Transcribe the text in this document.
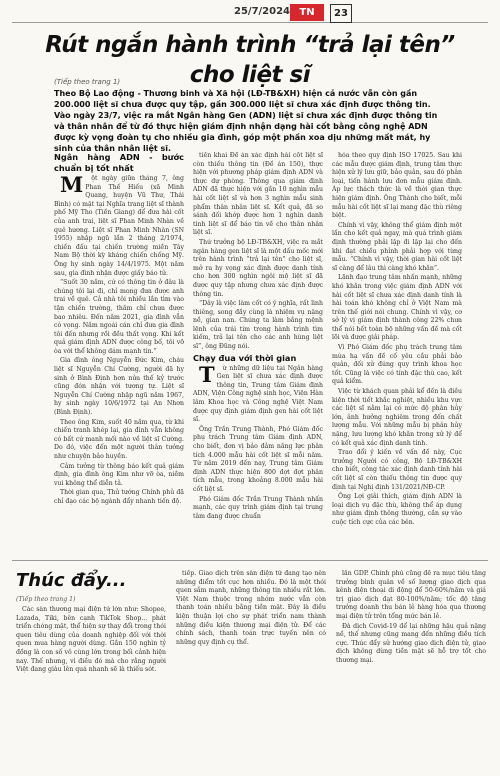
25/7/2024 TN	23
Rút ngắn hành trình “trả lại tên” cho liệt sĩ
(Tiếp theo trang 1)
Theo Bộ Lao động - Thương binh và Xã hội (LĐ-TB&XH) hiện cả nước vẫn còn gần 200.000 liệt sĩ chưa được quy tập, gần 300.000 liệt sĩ chưa xác định được thông tin. Vào ngày 23/7, việc ra mắt Ngân hàng Gen (ADN) liệt sĩ chưa xác định được thông tin và thân nhân để từ đó thực hiện giám định nhận dạng hài cốt bằng công nghệ ADN được kỳ vọng đoàn tụ cho nhiều gia đình, góp một phần xoa dịu những mất mát, hy sinh của thân nhân liệt sĩ.

Ngân hàng ADN - bước chuẩn bị tốt nhất

M ột ngày giữa tháng 7, ông Phan Thế Hiếu (xã Minh Quang, huyện Vũ Thư, Thái Bình) có mặt tại Nghĩa trang liệt sĩ thành phố Mỹ Tho (Tiền Giang) để đưa hài cốt của anh trai, liệt sĩ Phan Minh Nhàn về quê hương. Liệt sĩ Phan Minh Nhàn (SN 1955) nhập ngũ lần 2 tháng 2/1974, chiến đấu tại chiến trường miền Tây Nam Bộ thời kỳ kháng chiến chống Mỹ. Ông hy sinh ngày 14/4/1975. Một năm sau, gia đình nhận được giấy báo tử.

“Suốt 30 năm, cứ có thông tin ở đâu là chúng tôi lại đi, chỉ mong đưa được anh trai về quê. Cả nhà tôi nhiều lần tìm vào tận chiến trường, thăm chỉ chưa được bao nhiêu. Đến năm 2021, gia đình vẫn có vọng. Năm ngoái cán chỉ đưa gia đình tôi đến nhưng rồi đều thất vọng. Khi kết quả giám định ADN được công bố, tôi vỡ òa với thể không dám mạnh tin.”

Gia đình ông Nguyễn Đức Kim, cháu liệt sĩ Nguyễn Chí Cường, người đã hy sinh ở Bình Định hơn nửa thế kỷ trước cũng đón nhận với tương tự. Liệt sĩ Nguyễn Chí Cường nhập ngũ năm 1967, hy sinh ngày 10/6/1972 tại An Nhơn (Bình Định).

Theo ông Kim, suốt 40 năm qua, từ khi chiến tranh khép lại, gia đình vẫn không có bất cứ manh mối nào về liệt sĩ Cường. Do đó, việc đến một người thân tưởng như chuyện bảo huyền.

Cảm tưởng từ thông báo kết quả giám định, gia đình ông Kim như vỡ òa, niềm vui không thể diễn tả.

Thời gian qua, Thủ tướng Chính phủ đã chỉ đạo các bộ ngành đẩy nhanh tiến độ.

tiến khai Để án xác định hài cốt liệt sĩ còn thiếu thông tin (Đề án 150), thực hiện với phương pháp giám định ADN và thực dự phòng. Thông qua giám định ADN đã thực hiện với gần 10 nghìn mẫu hài cốt liệt sĩ và hơn 3 nghìn mẫu sinh phẩm thân nhân liệt sĩ. Kết quả, đã so sánh đối khớp được hơn 1 nghìn danh tính liệt sĩ để báo tin về cho thân nhân liệt sĩ.

Thứ trưởng bộ LĐ-TB&XH, việc ra mắt ngân hàng gen liệt sĩ là một dấu mốc mới trên hành trình “trả lại tên” cho liệt sĩ, mở ra hy vọng xác định được danh tính cho hơn 300 nghìn ngôi mộ liệt sĩ đã được quy tập nhưng chưa xác định được thông tin.

“Dây là việc làm cốt có ý nghĩa, rất linh thiêng, song đầy cùng là nhiệm vụ nặng nề, gian nan. Chúng ta làm bằng mệnh lệnh của trái tim trong hành trình tìm kiếm, trả lại tên cho các anh hùng liệt sĩ”, ông Đũng nói.

Chạy đua với thời gian

T ừ những dữ liệu tại Ngân hàng Gen liệt sĩ chưa xác định được thông tin, Trung tâm Giám định ADN, Viện Công nghệ sinh học, Viện Hàn lâm Khoa học và Công nghệ Việt Nam được quy định giám định gen hài cốt liệt sĩ.

Ông Trần Trung Thành, Phó Giám đốc phụ trách Trung tâm Giám định ADN, cho biết, đơn vị bảo đảm năng lực phân tích 4.000 mẫu hài cốt liệt sĩ mỗi năm. Từ năm 2019 đến nay, Trung tâm Giám định ADN thực hiện 800 đợt đợt phân tích mẫu, trong khoảng 8.000 mẫu hài cốt liệt sĩ.

Phó Giám đốc Trần Trung Thành nhấn mạnh, các quy trình giám định tại trung tâm đang được chuẩn

hóa theo quy định ISO 17025. Sau khi các mẫu được giám định, trung tâm thực hiện xử lý lưu giữ, bảo quản, sau đó phân loại, tiến hành lưu đơn mẫu giám định. Áp lực thách thức là về thời gian thực hiện giám định. Ông Thành cho biết, mỗi mẫu hài cốt liệt sĩ lại mang đặc thù riêng biệt.

Chính vì vậy, không thể giám định một lần cho kết quả ngay, mà quá trình giám định thường phải lặp đi lặp lại cho đến khi đạt chiều phỉnh phải hợp với từng mẫu. “Chính vì vậy, thời gian hài cốt liệt sĩ càng để lâu thì càng khó khăn”.

Lãnh đạo trung tâm nhấn mạnh, những khó khăn trong việc giám định ADN với hài cốt liệt sĩ chưa xác định danh tính là hài toán khó không chỉ ở Việt Nam mà trên thế giới nói chung. Chính vì vậy, cơ sở lý vị giám định thành công 22% chưa thể nói hết toàn bộ những vấn đề mà cốt lõi và được giải pháp.

Vì Phó Giám đốc phụ trách trung tâm mùa hạ vấn đề cố yêu cầu phải bảo quản, đối xử đúng quy trình khoa học tốt. Cũng là việc có tính đặc thù cao, kết quả kiểm.

Việc từ khách quan phải kể đến là điều kiện thời tiết khắc nghiệt, nhiều khu vực các liệt sĩ nằm lại có mức độ phân hủy lớn, ảnh hưởng nghiêm trọng đến chất lượng mẫu. Với những mẫu bị phân hủy nặng, lưu lượng khó khăn trong xử lý để có kết quả xác định danh tính.

Trao đổi ý kiến về vấn đề này, Cục trưởng Người có công, Bộ LĐ-TB&XH cho biết, công tác xác định danh tính hài cốt liệt sĩ còn thiếu thông tin được quy định tại Nghị định 131/2021/NĐ-CP.

Ông Lợi giải thích, giám định ADN là loại dịch vụ đặc thù, không thể áp dụng như giám định thông thường, cần sự vào cuộc tích cực của các bên.

Thúc đẩy...
(Tiếp theo trang 1)

Các sàn thương mại điện tử lớn như: Shopee, Lazada, Tiki, bên cạnh TikTok Shop... phát triển chóng mặt, thể hiện sự thay đổi trong thói quen tiêu dùng của doanh nghiệp đối với thời quen mua hàng người dùng. Gần 150 nghìn tỷ đồng là con số vô cùng lớn trong bối cảnh hiện nay. Thế nhưng, vì điều đó mà cho rằng người Việt đang giàu lên quá nhanh sẽ là thiếu sót.

tiếp. Giao dịch trên sàn điện tử đang tạo nên những điểm tốt cục hơn nhiều. Đó là một thói quen sắm mạnh, những thông tin nhiều rất lớn. Việt Nam thuộc trong nhóm nước vẫn còn thanh toán nhiều bằng tiền mặt. Đây là điều kiện thuận lợi cho sự phát triển nam thành những điều kiện thương mại điện tử. Để các chính sách, thanh toán trực tuyến nên có những quy định cụ thể.

lần GDP. Chính phủ cũng đề ra mục tiêu tăng trưởng bình quân về số lượng giao dịch qua kênh điện thoại di động để 50-60%/năm và giá trị giao dịch đạt 80-100%/năm; tốc độ tăng trưởng doanh thu bán lẻ hàng hóa qua thương mại điện tử trên tổng mức bán lẻ.

Đà dịch Covid-19 để lại những hậu quả nặng nề, thế nhưng cũng mang đến những điều tích cực. Thúc đẩy sử hướng giao dịch điện tử, giao dịch không dùng tiền mặt sẽ hỗ trợ tốt cho thương mại.
